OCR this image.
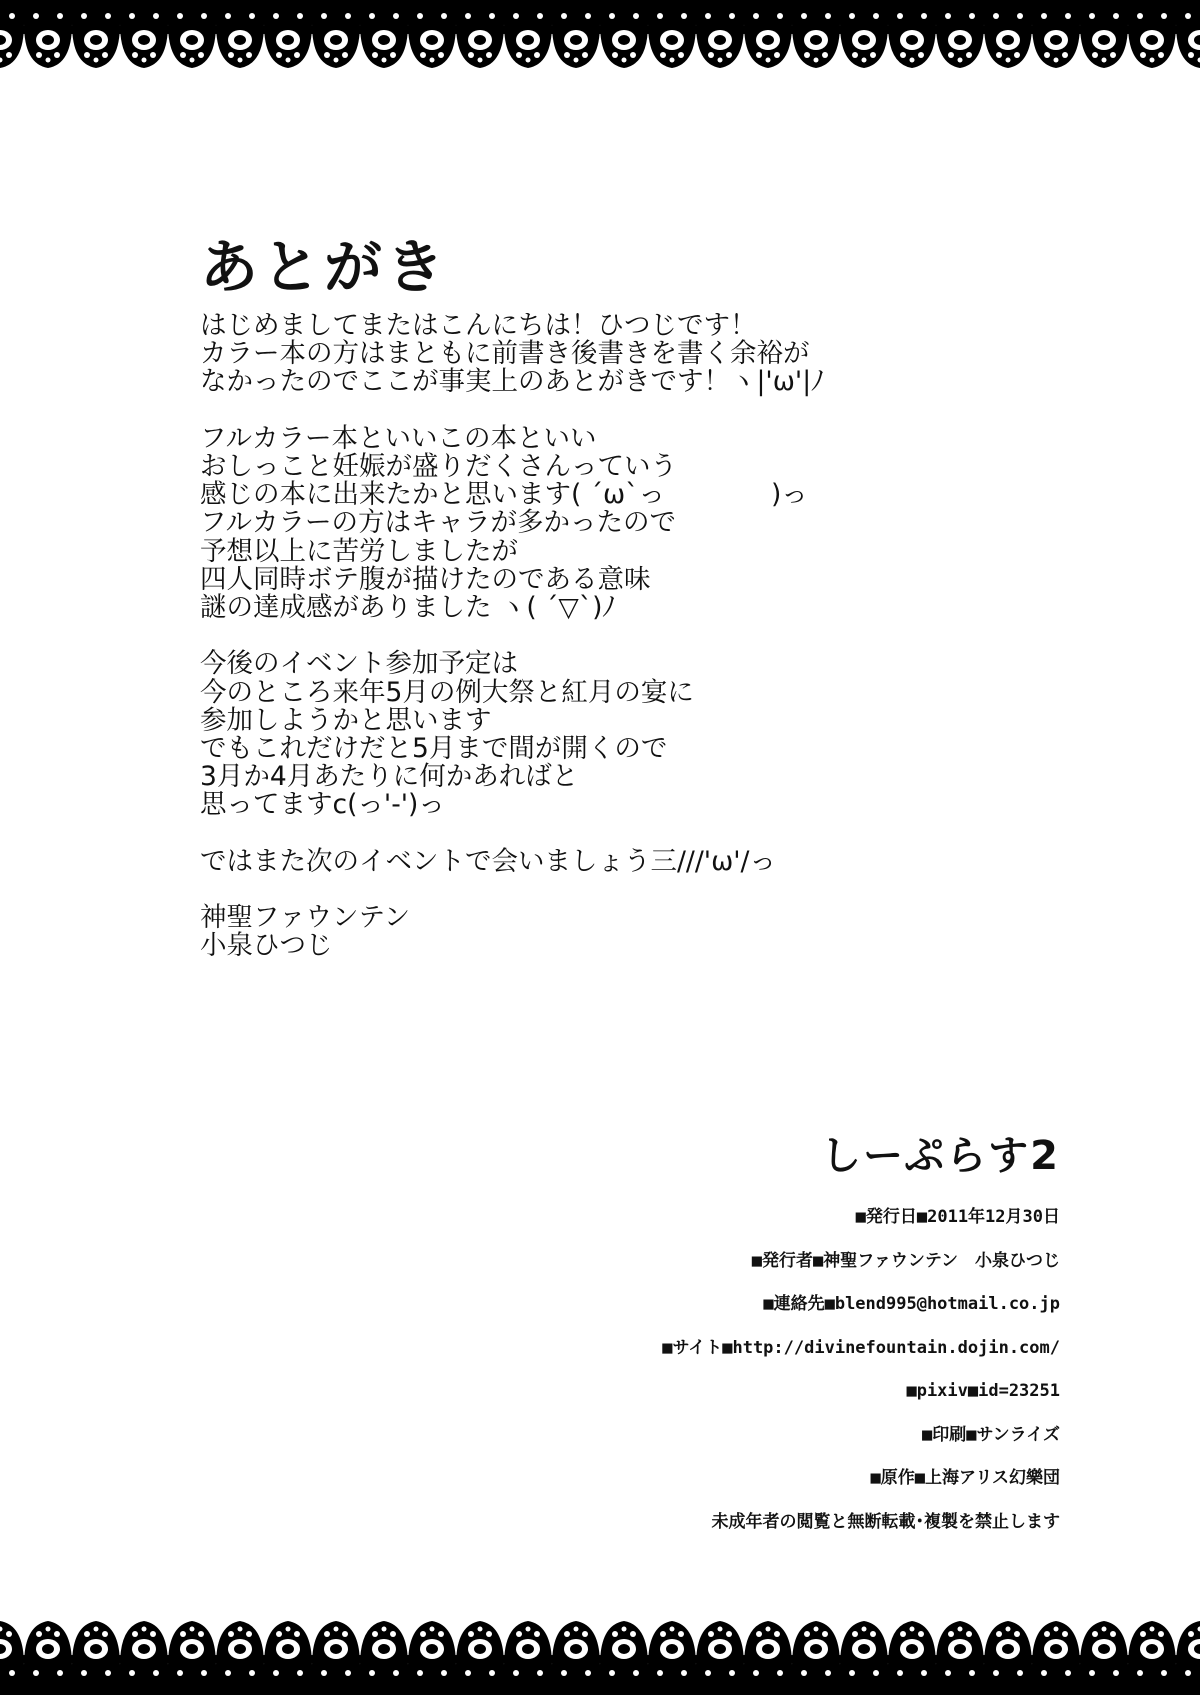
あとがき
はじめましてまたはこんにちは！ひつじです！
カラー本の方はまともに前書き後書きを書く余裕が
なかったのでここが事実上のあとがきです！ヽ|'ω'|ﾉ
フルカラー本といいこの本といい
おしっこと妊娠が盛りだくさんっていう
感じの本に出来たかと思います( ´ω`っ　　　　)っ
フルカラーの方はキャラが多かったので
予想以上に苦労しましたが
四人同時ボテ腹が描けたのである意味
謎の達成感がありました ヽ( ´▽`)ﾉ
今後のイベント参加予定は
今のところ来年5月の例大祭と紅月の宴に
参加しようかと思います
でもこれだけだと5月まで間が開くので
3月か4月あたりに何かあればと
思ってますc(っ'-')っ
ではまた次のイベントで会いましょう三///'ω'/っ
神聖ファウンテン
小泉ひつじ
しーぷらす2
■発行日■2011年12月30日
■発行者■神聖ファウンテン　小泉ひつじ
■連絡先■blend995@hotmail.co.jp
■サイト■http://divinefountain.dojin.com/
■pixiv■id=23251
■印刷■サンライズ
■原作■上海アリス幻樂団
未成年者の閲覧と無断転載･複製を禁止します
